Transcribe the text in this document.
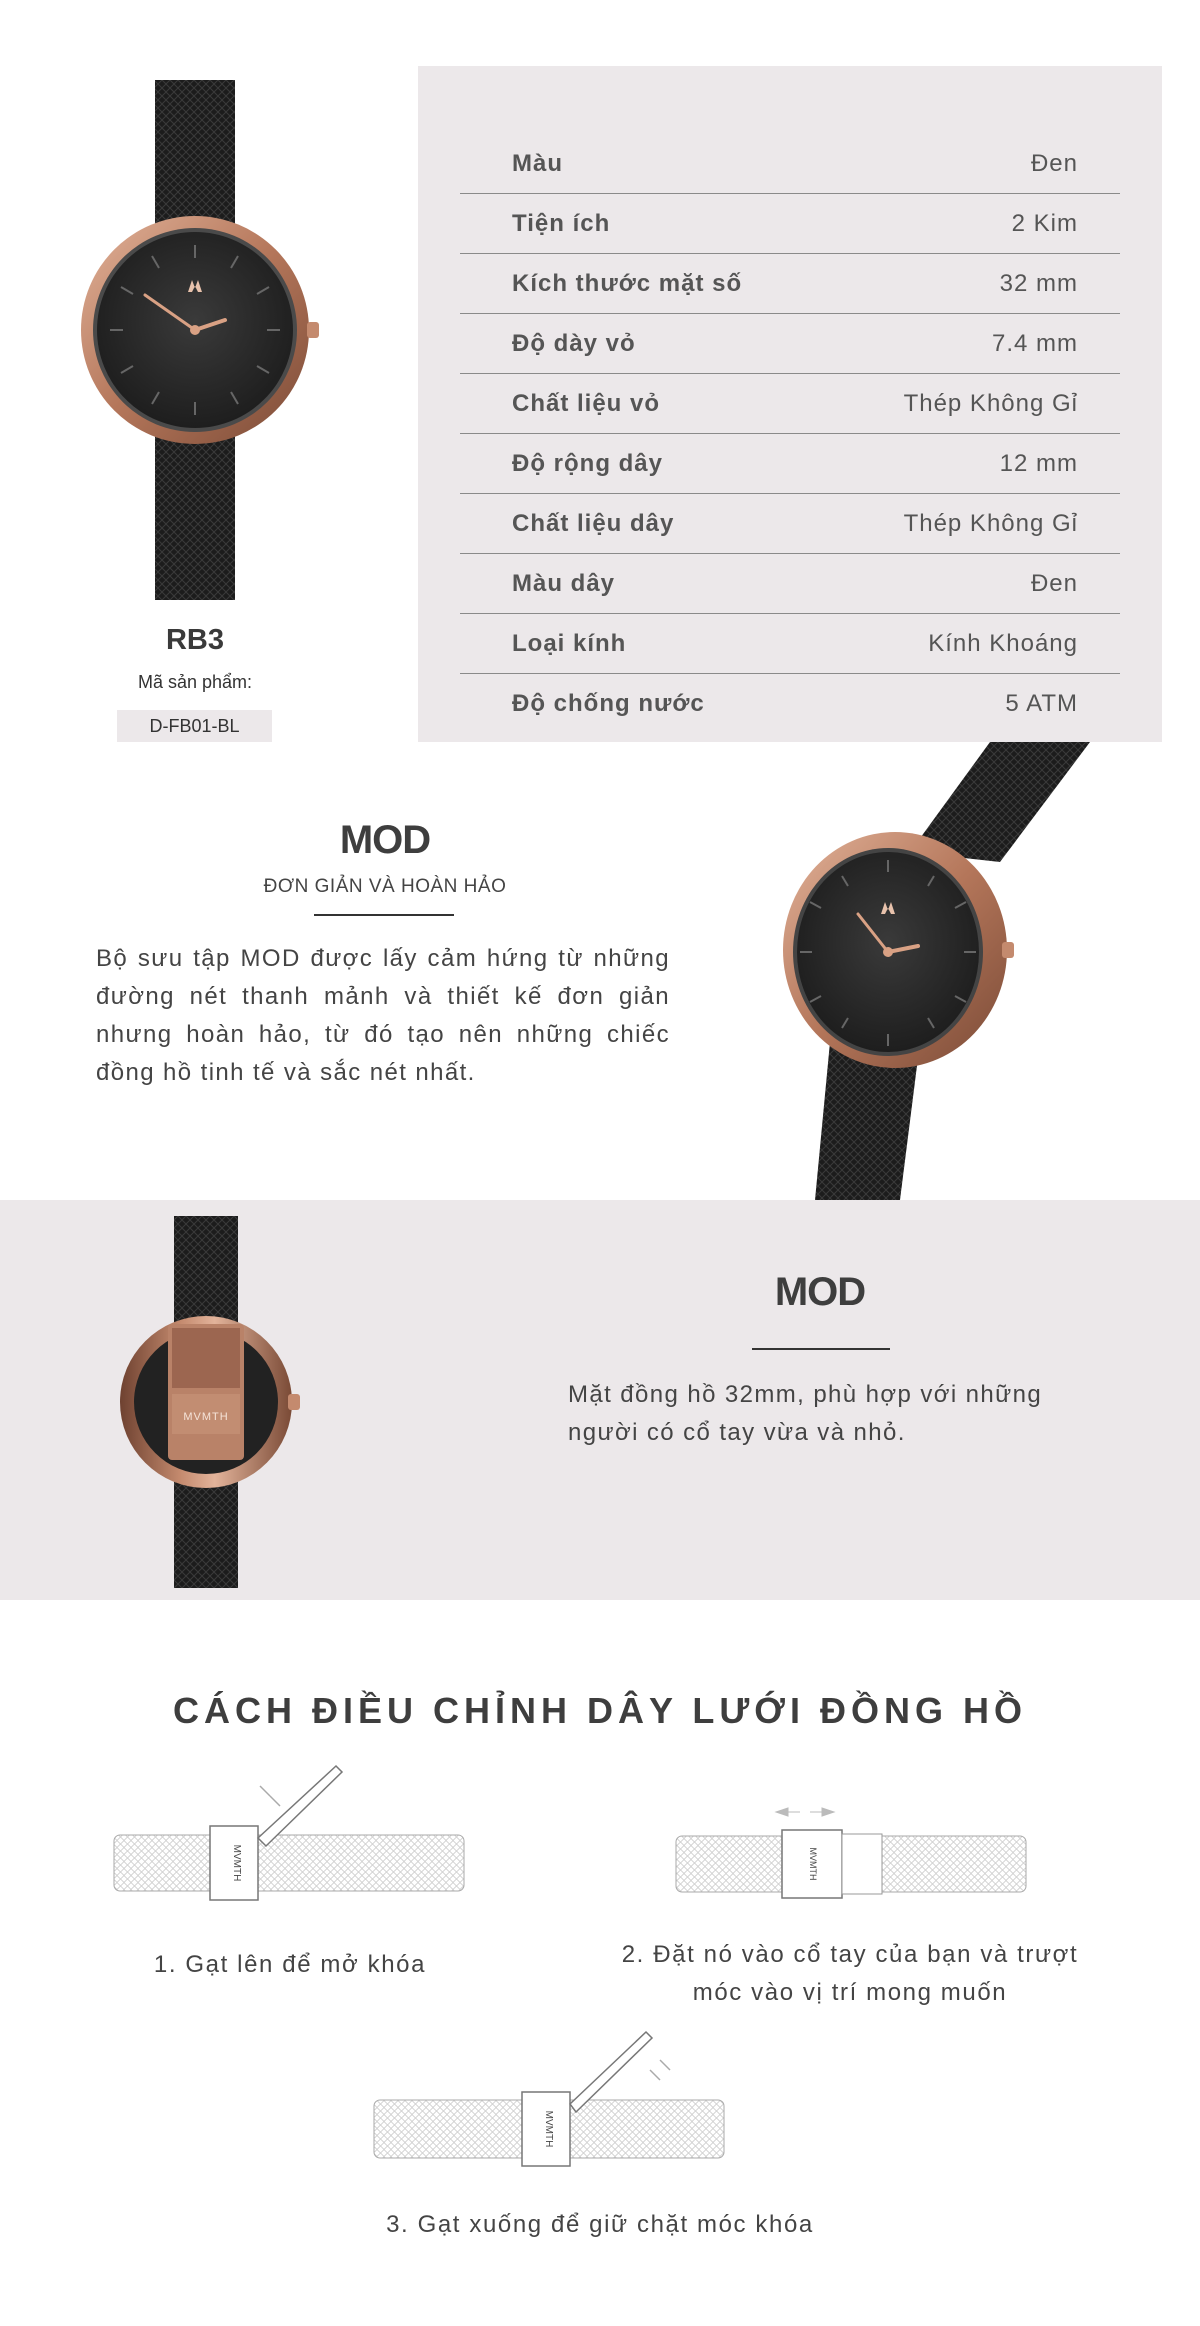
RB3
Mã sản phẩm:
D-FB01-BL
Màu	Đen
Tiện ích	2 Kim
Kích thước mặt số	32 mm
Độ dày vỏ	7.4 mm
Chất liệu vỏ	Thép Không Gỉ
Độ rộng dây	12 mm
Chất liệu dây	Thép Không Gỉ
Màu dây	Đen
Loại kính	Kính Khoáng
Độ chống nước	5 ATM
MOD
ĐƠN GIẢN VÀ HOÀN HẢO

Bộ sưu tập MOD được lấy cảm hứng từ những đường nét thanh mảnh và thiết kế đơn giản nhưng hoàn hảo, từ đó tạo nên những chiếc đồng hồ tinh tế và sắc nét nhất.

MVMTH
MOD

Mặt đồng hồ 32mm, phù hợp với những người có cổ tay vừa và nhỏ.

CÁCH ĐIỀU CHỈNH DÂY LƯỚI ĐỒNG HỒ
MVMTH
1. Gạt lên để mở khóa
MVMTH
2. Đặt nó vào cổ tay của bạn và trượt
móc vào vị trí mong muốn
MVMTH
3. Gạt xuống để giữ chặt móc khóa
